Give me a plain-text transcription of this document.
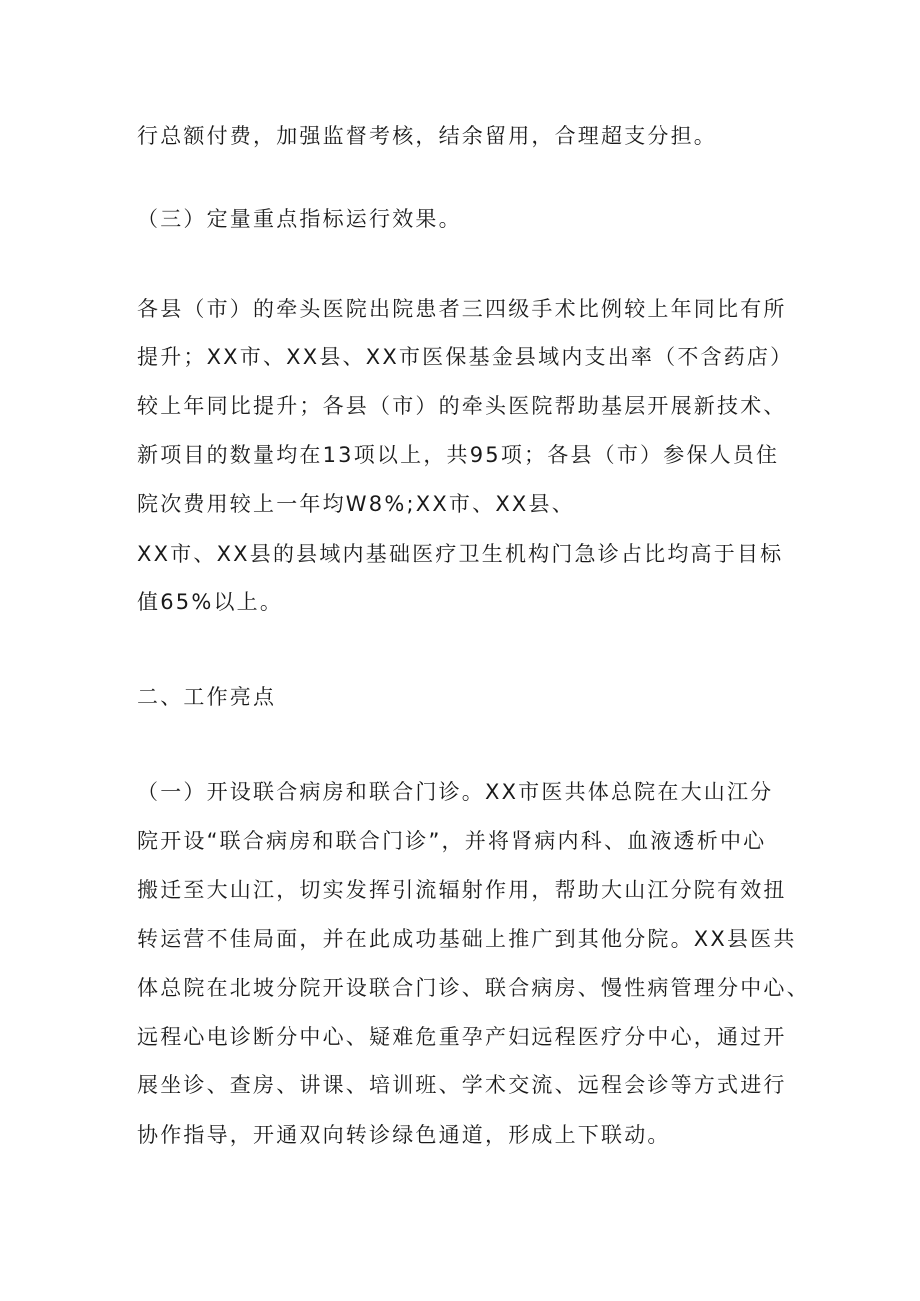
行总额付费，加强监督考核，结余留用，合理超支分担。

（三）定量重点指标运行效果。

各县（市）的牵头医院出院患者三四级手术比例较上年同比有所

提升；XX市、XX县、XX市医保基金县域内支出率（不含药店）

较上年同比提升；各县（市）的牵头医院帮助基层开展新技术、

新项目的数量均在13项以上，共95项；各县（市）参保人员住

院次费用较上一年均W8%;XX市、XX县、

XX市、XX县的县域内基础医疗卫生机构门急诊占比均高于目标

值65%以上。

二、工作亮点

（一）开设联合病房和联合门诊。XX市医共体总院在大山江分

院开设“联合病房和联合门诊”，并将肾病内科、血液透析中心

搬迁至大山江，切实发挥引流辐射作用，帮助大山江分院有效扭

转运营不佳局面，并在此成功基础上推广到其他分院。XX县医共

体总院在北坡分院开设联合门诊、联合病房、慢性病管理分中心、

远程心电诊断分中心、疑难危重孕产妇远程医疗分中心，通过开

展坐诊、查房、讲课、培训班、学术交流、远程会诊等方式进行

协作指导，开通双向转诊绿色通道，形成上下联动。
